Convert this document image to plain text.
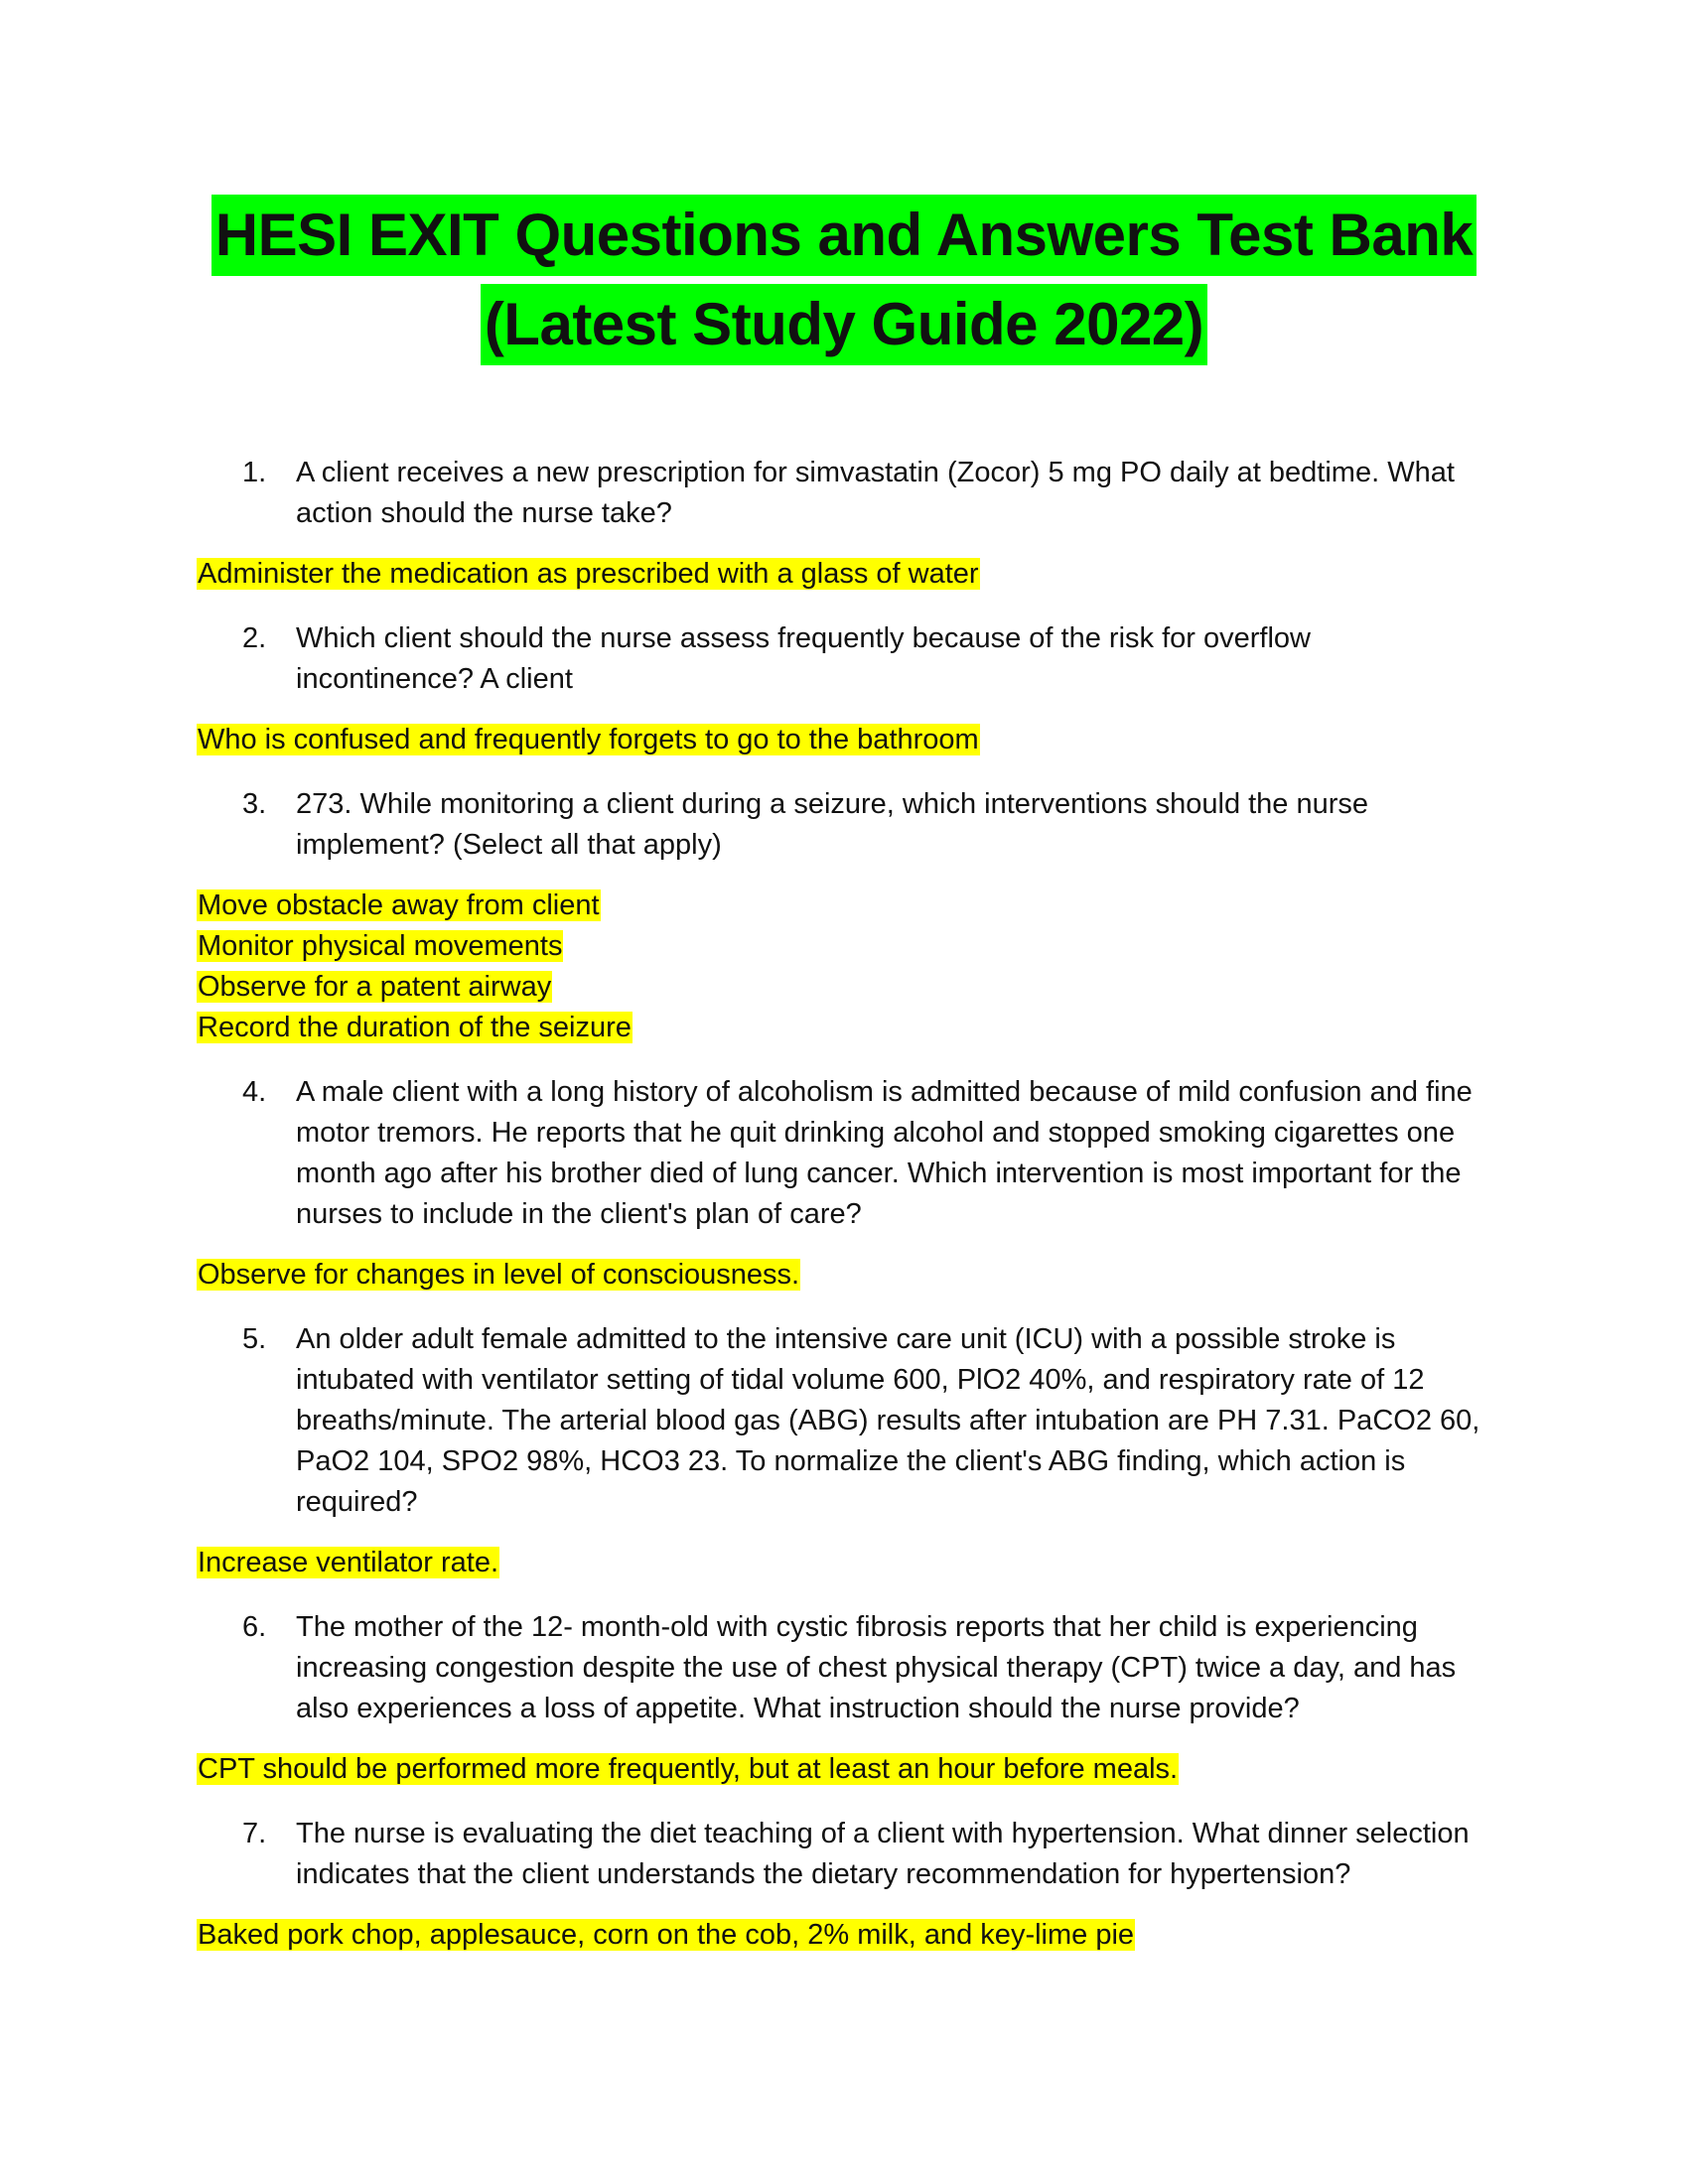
HESI EXIT Questions and Answers Test Bank
(Latest Study Guide 2022)
1. A client receives a new prescription for simvastatin (Zocor) 5 mg PO daily at bedtime. What action should the nurse take?
Administer the medication as prescribed with a glass of water
2. Which client should the nurse assess frequently because of the risk for overflow incontinence? A client
Who is confused and frequently forgets to go to the bathroom
3. 273. While monitoring a client during a seizure, which interventions should the nurse implement? (Select all that apply)
Move obstacle away from client
Monitor physical movements
Observe for a patent airway
Record the duration of the seizure
4. A male client with a long history of alcoholism is admitted because of mild confusion and fine motor tremors. He reports that he quit drinking alcohol and stopped smoking cigarettes one month ago after his brother died of lung cancer. Which intervention is most important for the nurses to include in the client's plan of care?
Observe for changes in level of consciousness.
5. An older adult female admitted to the intensive care unit (ICU) with a possible stroke is intubated with ventilator setting of tidal volume 600, PlO2 40%, and respiratory rate of 12 breaths/minute. The arterial blood gas (ABG) results after intubation are PH 7.31. PaCO2 60, PaO2 104, SPO2 98%, HCO3 23. To normalize the client's ABG finding, which action is required?
Increase ventilator rate.
6. The mother of the 12- month-old with cystic fibrosis reports that her child is experiencing increasing congestion despite the use of chest physical therapy (CPT) twice a day, and has also experiences a loss of appetite. What instruction should the nurse provide?
CPT should be performed more frequently, but at least an hour before meals.
7. The nurse is evaluating the diet teaching of a client with hypertension. What dinner selection indicates that the client understands the dietary recommendation for hypertension?
Baked pork chop, applesauce, corn on the cob, 2% milk, and key-lime pie
